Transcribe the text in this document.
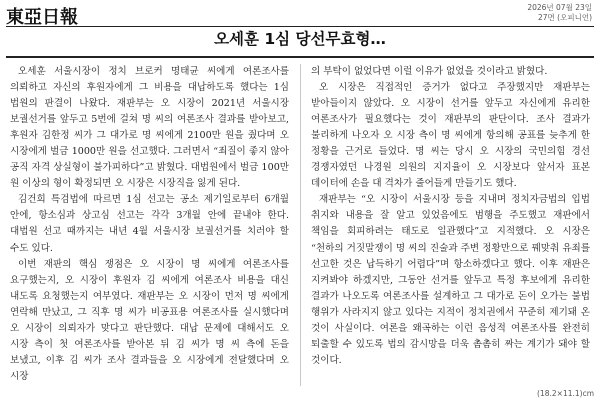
東亞日報	2026년 07월 23일
27면 (오피니언)
오세훈 1심 당선무효형…

오세훈 서울시장이 정치 브로커 명태균 씨에게 여론조사를 의뢰하고 자신의 후원자에게 그 비용을 대납하도록 했다는 1심 법원의 판결이 나왔다. 재판부는 오 시장이 2021년 서울시장 보궐선거를 앞두고 5번에 걸쳐 명 씨의 여론조사 결과를 받아보고, 후원자 김한정 씨가 그 대가로 명 씨에게 2100만 원을 줬다며 오 시장에게 벌금 1000만 원을 선고했다. 그러면서 “죄질이 좋지 않아 공직 자격 상실형이 불가피하다”고 밝혔다. 대법원에서 벌금 100만 원 이상의 형이 확정되면 오 시장은 시장직을 잃게 된다.

김건희 특검법에 따르면 1심 선고는 공소 제기일로부터 6개월 안에, 항소심과 상고심 선고는 각각 3개월 안에 끝내야 한다. 대법원 선고 때까지는 내년 4월 서울시장 보궐선거를 치러야 할 수도 있다.

이번 재판의 핵심 쟁점은 오 시장이 명 씨에게 여론조사를 요구했는지, 오 시장이 후원자 김 씨에게 여론조사 비용을 대신 내도록 요청했는지 여부였다. 재판부는 오 시장이 먼저 명 씨에게 연락해 만났고, 그 직후 명 씨가 비공표용 여론조사를 실시했다며 오 시장이 의뢰자가 맞다고 판단했다. 대납 문제에 대해서도 오 시장 측이 첫 여론조사를 받아본 뒤 김 씨가 명 씨 측에 돈을 보냈고, 이후 김 씨가 조사 결과들을 오 시장에게 전달했다며 오 시장

의 부탁이 없었다면 이럴 이유가 없었을 것이라고 밝혔다.

오 시장은 직접적인 증거가 없다고 주장했지만 재판부는 받아들이지 않았다. 오 시장이 선거를 앞두고 자신에게 유리한 여론조사가 필요했다는 것이 재판부의 판단이다. 조사 결과가 불리하게 나오자 오 시장 측이 명 씨에게 항의해 공표를 늦추게 한 정황을 근거로 들었다. 명 씨는 당시 오 시장의 국민의힘 경선 경쟁자였던 나경원 의원의 지지율이 오 시장보다 앞서자 표본 데이터에 손을 대 격차가 줄어들게 만들기도 했다.

재판부는 “오 시장이 서울시장 등을 지내며 정치자금법의 입법 취지와 내용을 잘 알고 있었음에도 범행을 주도했고 재판에서 책임을 회피하려는 태도로 일관했다”고 지적했다. 오 시장은 “천하의 거짓말쟁이 명 씨의 진술과 주변 정황만으로 꿰맞춰 유죄를 선고한 것은 납득하기 어렵다”며 항소하겠다고 했다. 이후 재판은 지켜봐야 하겠지만, 그동안 선거를 앞두고 특정 후보에게 유리한 결과가 나오도록 여론조사를 설계하고 그 대가로 돈이 오가는 불법 행위가 사라지지 않고 있다는 지적이 정치권에서 꾸준히 제기돼 온 것이 사실이다. 여론을 왜곡하는 이런 음성적 여론조사를 완전히 퇴출할 수 있도록 법의 감시망을 더욱 촘촘히 짜는 계기가 돼야 할 것이다.

(18.2×11.1)cm
